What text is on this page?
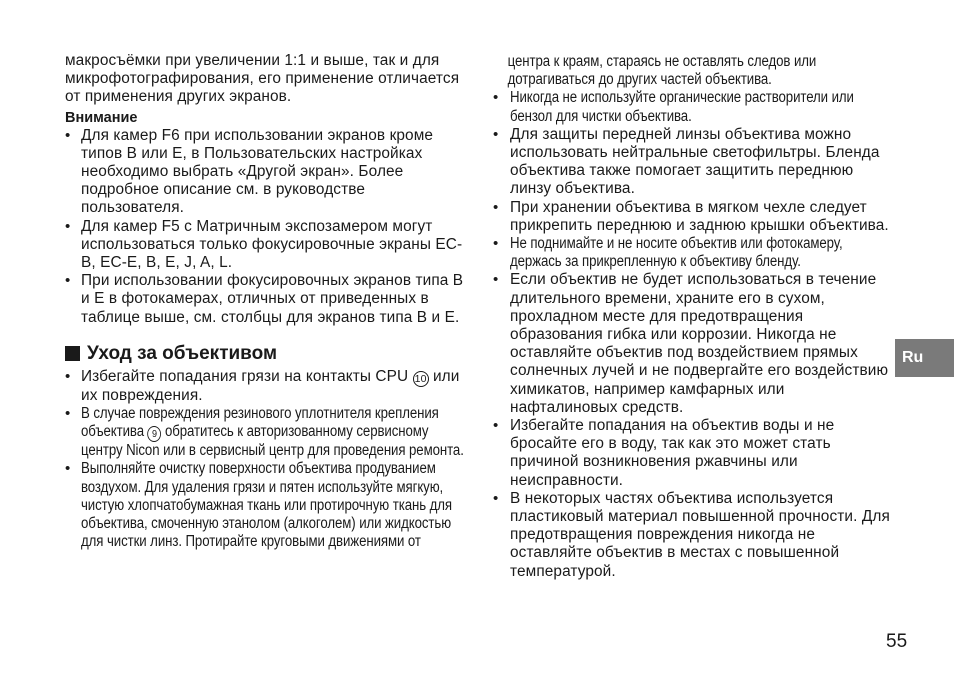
макросъёмки при увеличении 1:1 и выше, так и для микрофотографирования, его применение отличается от применения других экранов.

Внимание
• Для камер F6 при использовании экранов кроме типов B или E, в Пользовательских настройках необходимо выбрать «Другой экран». Более подробное описание см. в руководстве пользователя.
• Для камер F5 с Матричным экспозамером могут использоваться только фокусировочные экраны EC-B, EC-E, B, E, J, A, L.
• При использовании фокусировочных экранов типа B и E в фотокамерах, отличных от приведенных в таблице выше, см. столбцы для экранов типа B и E.
Уход за объективом
• Избегайте попадания грязи на контакты CPU 10 или их повреждения.
• В случае повреждения резинового уплотнителя крепления объектива 9 обратитесь к авторизованному сервисному центру Nicon или в сервисный центр для проведения ремонта.
• Выполняйте очистку поверхности объектива продуванием воздухом. Для удаления грязи и пятен используйте мягкую, чистую хлопчатобумажная ткань или протирочную ткань для объектива, смоченную этанолом (алкоголем) или жидкостью для чистки линз. Протирайте круговыми движениями от
центра к краям, стараясь не оставлять следов или дотрагиваться до других частей объектива.
• Никогда не используйте органические растворители или бензол для чистки объектива.
• Для защиты передней линзы объектива можно использовать нейтральные светофильтры. Бленда объектива также помогает защитить переднюю линзу объектива.
• При хранении объектива в мягком чехле следует прикрепить переднюю и заднюю крышки объектива.
• Не поднимайте и не носите объектив или фотокамеру, держась за прикрепленную к объективу бленду.
• Если объектив не будет использоваться в течение длительного времени, храните его в сухом, прохладном месте для предотвращения образования гибка или коррозии. Никогда не оставляйте объектив под воздействием прямых солнечных лучей и не подвергайте его воздействию химикатов, например камфарных или нафталиновых средств.
• Избегайте попадания на объектив воды и не бросайте его в воду, так как это может стать причиной возникновения ржавчины или неисправности.
• В некоторых частях объектива используется пластиковый материал повышенной прочности. Для предотвращения повреждения никогда не оставляйте объектив в местах с повышенной температурой.
Ru
55
